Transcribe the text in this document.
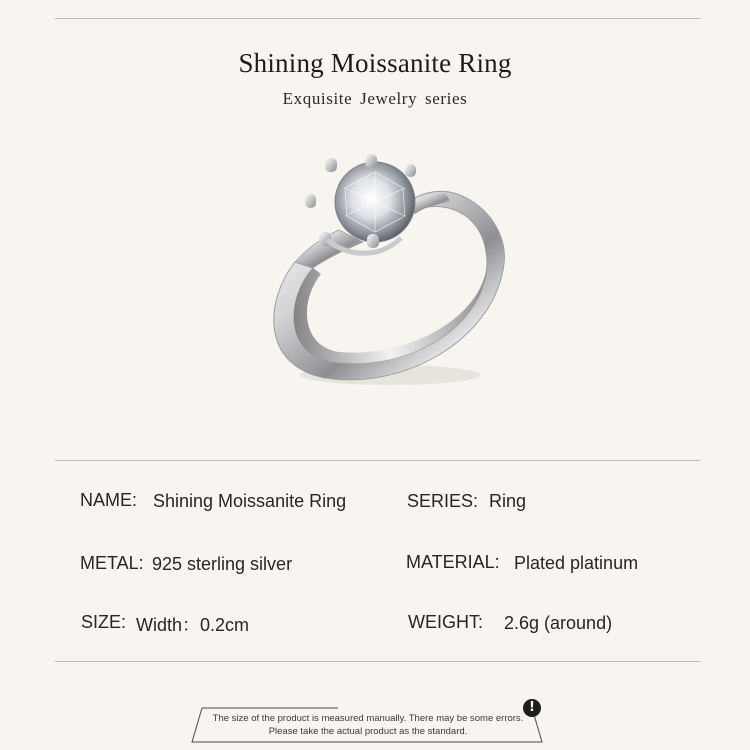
Shining Moissanite Ring
Exquisite Jewelry series
NAME: Shining Moissanite Ring	SERIES: Ring
METAL: 925 sterling silver	MATERIAL: Plated platinum
SIZE: Width：0.2cm	WEIGHT: 2.6g (around)
The size of the product is measured manually. There may be some errors.
Please take the actual product as the standard.
!
